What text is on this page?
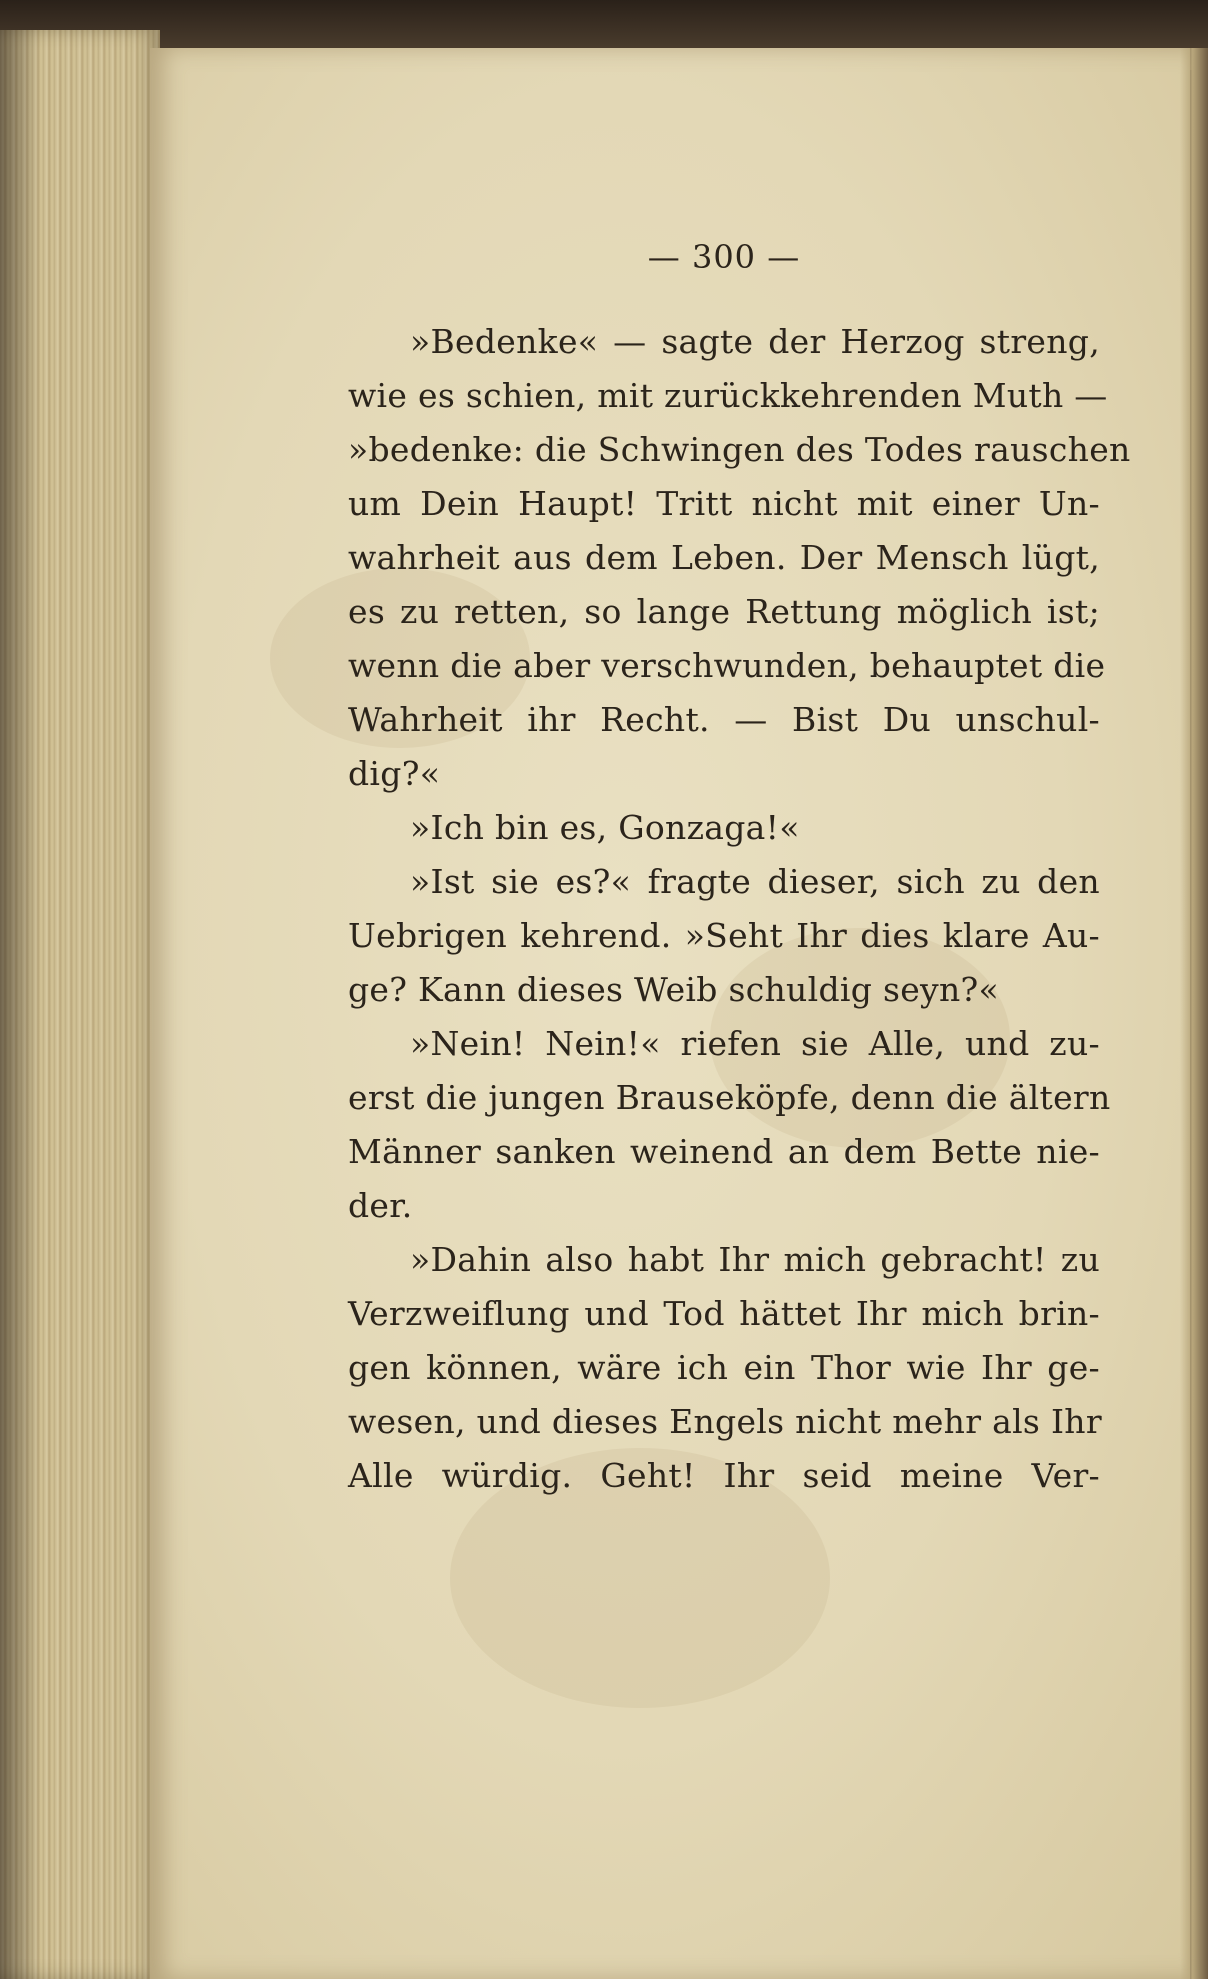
— 300 —
»Bedenke« — sagte der Herzog streng,
wie es schien, mit zurückkehrenden Muth —
»bedenke: die Schwingen des Todes rauschen
um Dein Haupt! Tritt nicht mit einer Un-
wahrheit aus dem Leben. Der Mensch lügt,
es zu retten, so lange Rettung möglich ist;
wenn die aber verschwunden, behauptet die
Wahrheit ihr Recht. — Bist Du unschul-
dig?«
»Ich bin es, Gonzaga!«
»Ist sie es?« fragte dieser, sich zu den
Uebrigen kehrend. »Seht Ihr dies klare Au-
ge? Kann dieses Weib schuldig seyn?«
»Nein! Nein!« riefen sie Alle, und zu-
erst die jungen Brauseköpfe, denn die ältern
Männer sanken weinend an dem Bette nie-
der.
»Dahin also habt Ihr mich gebracht! zu
Verzweiflung und Tod hättet Ihr mich brin-
gen können, wäre ich ein Thor wie Ihr ge-
wesen, und dieses Engels nicht mehr als Ihr
Alle würdig. Geht! Ihr seid meine Ver-
